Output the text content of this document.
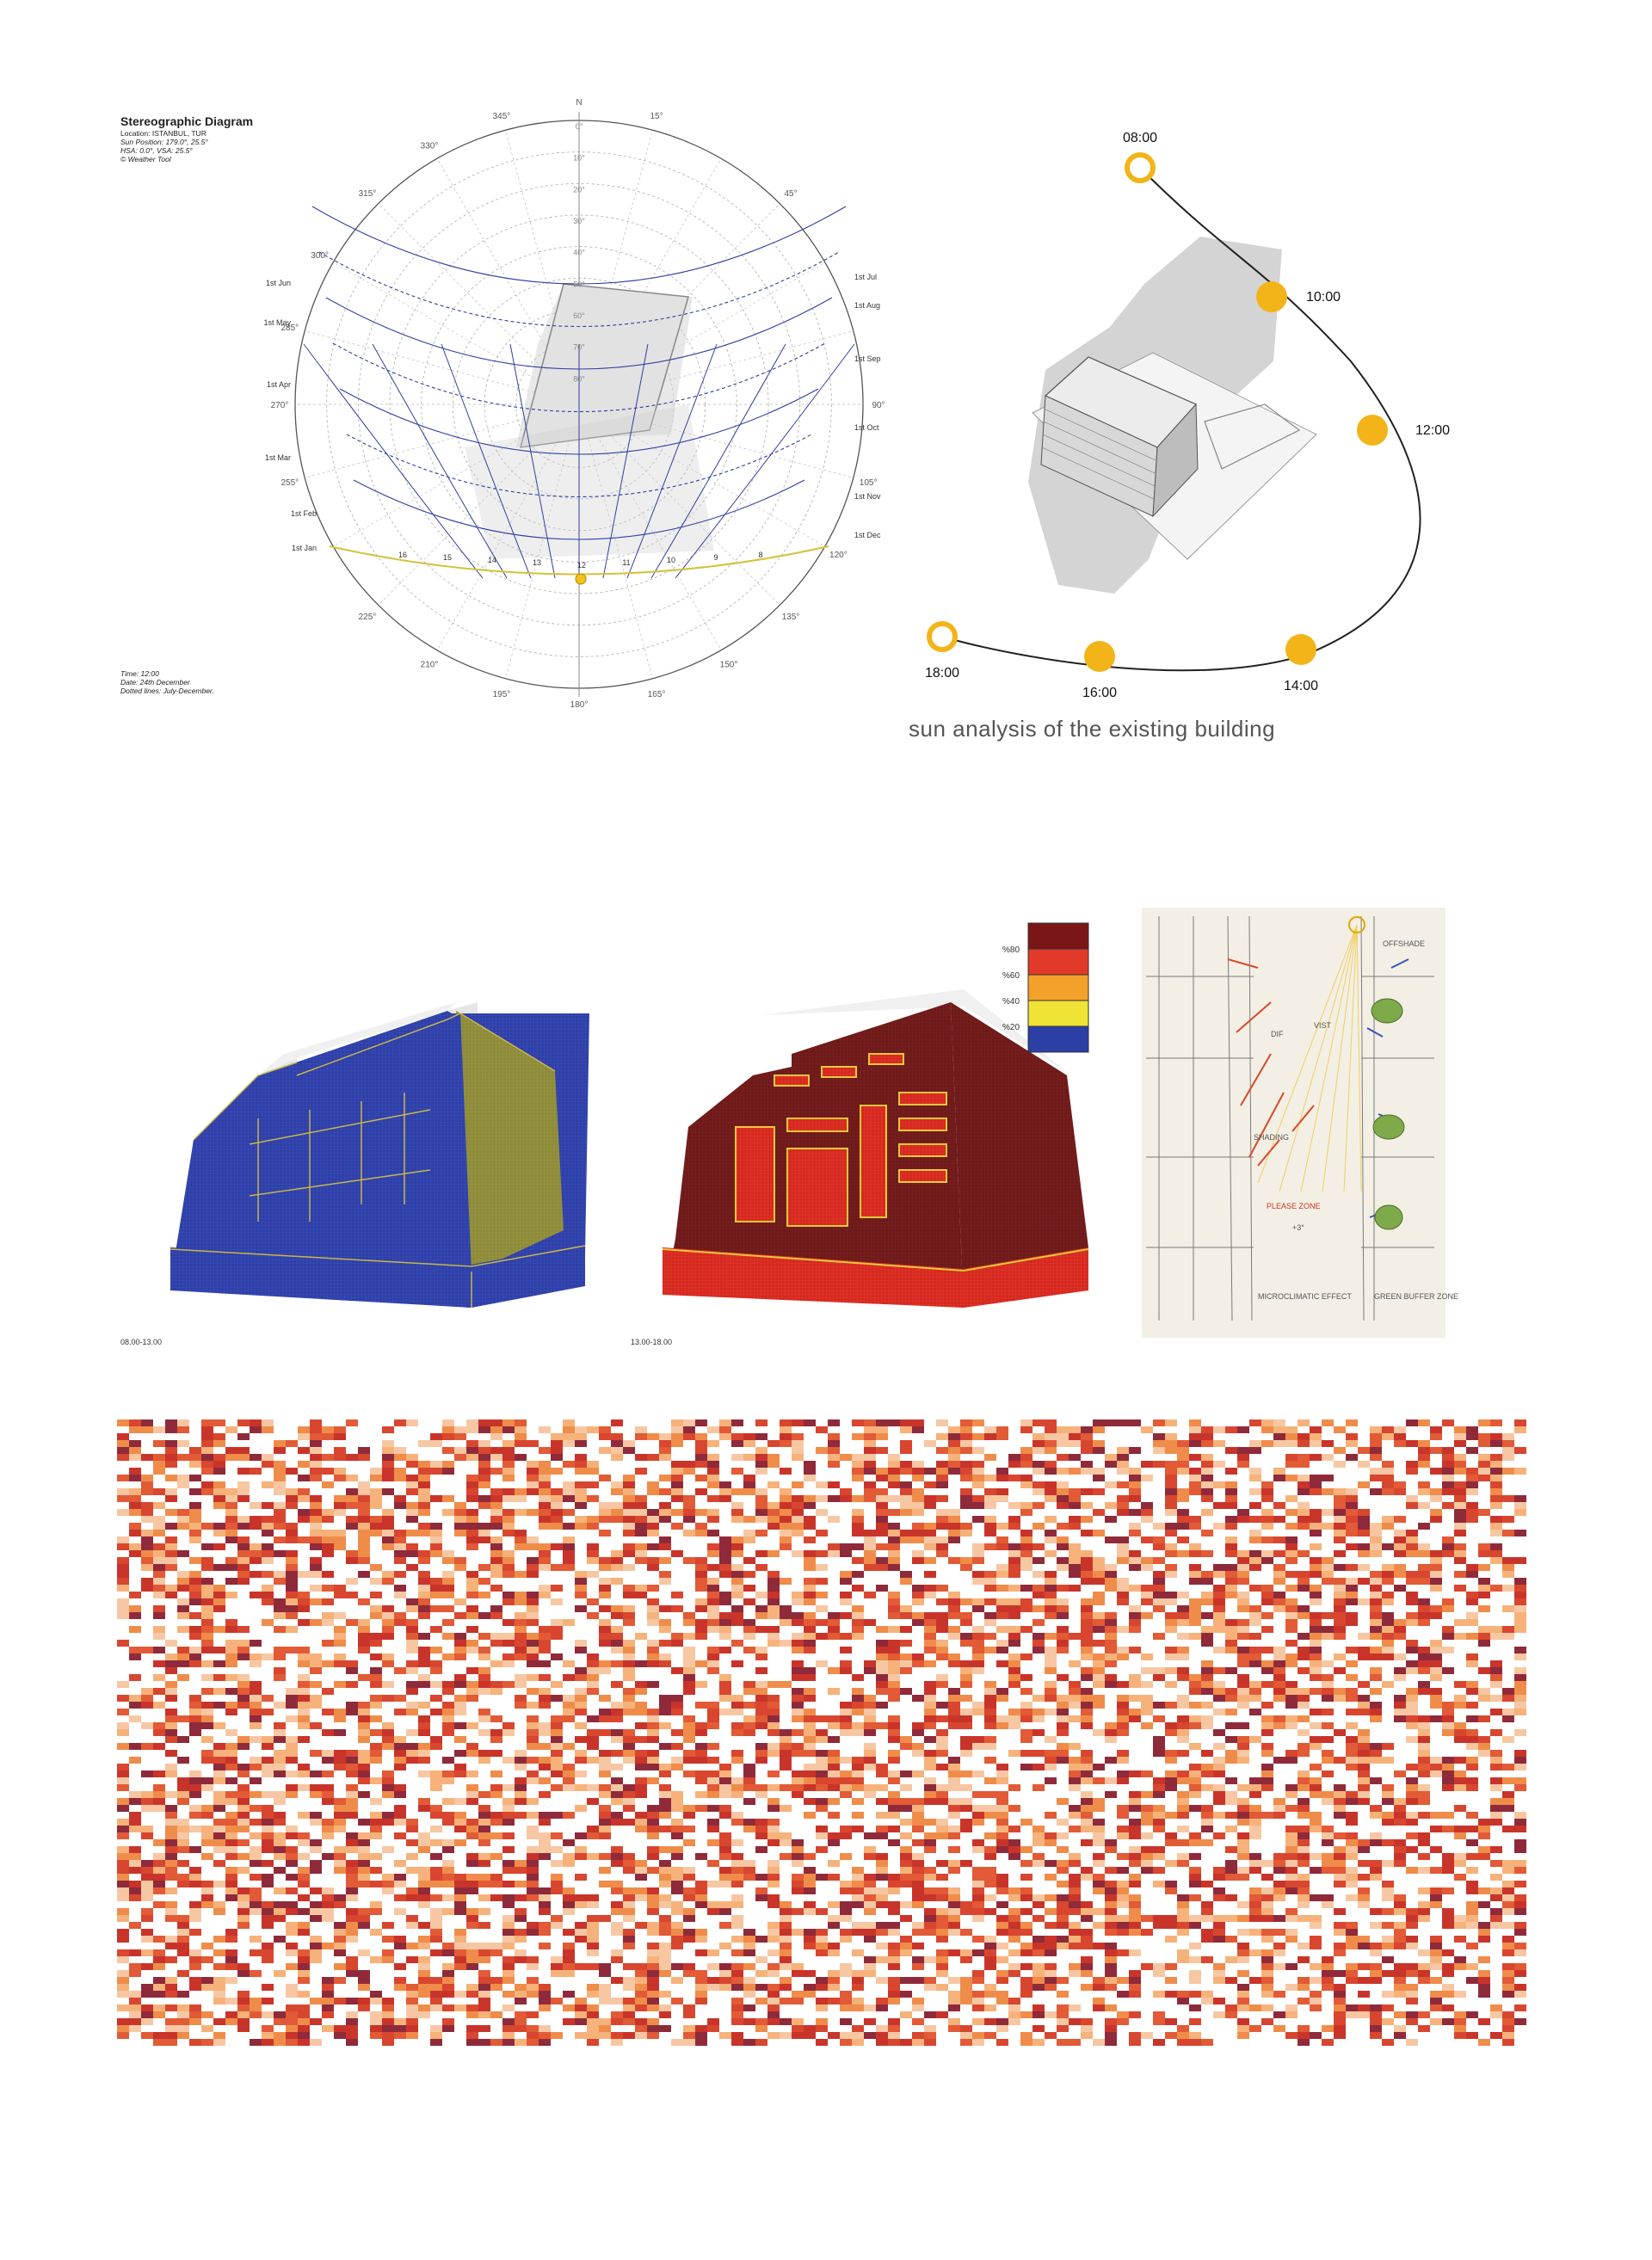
Stereographic Diagram
Location: ISTANBUL, TUR
Sun Position: 179.0°, 25.5°
HSA: 0.0°, VSA: 25.5°
© Weather Tool
Time: 12:00
Date: 24th December
Dotted lines: July-December.
345°	15°
330°
45°
315°
300°
285°
270°	90°
255°	105°
120°
225°	135°
210°	150°
195°
180°
165°
N
0°
10°
20°
30°
40°
50°
60°
70°
80°
1st Jun
1st May
1st Apr
1st Mar
1st Feb
1st Jan
1st Jul
1st Aug
1st Sep
1st Oct
1st Nov
1st Dec
16	15	14	13	12	11	10	9	8
08:00
10:00
12:00
14:00
16:00
18:00
sun analysis of the existing building
%80
%60
%40
%20
08.00-13.00	13.00-18.00
SHADING
DIF
VIST
PLEASE ZONE
+3°
MICROCLIMATIC EFFECT	GREEN BUFFER ZONE
OFFSHADE
